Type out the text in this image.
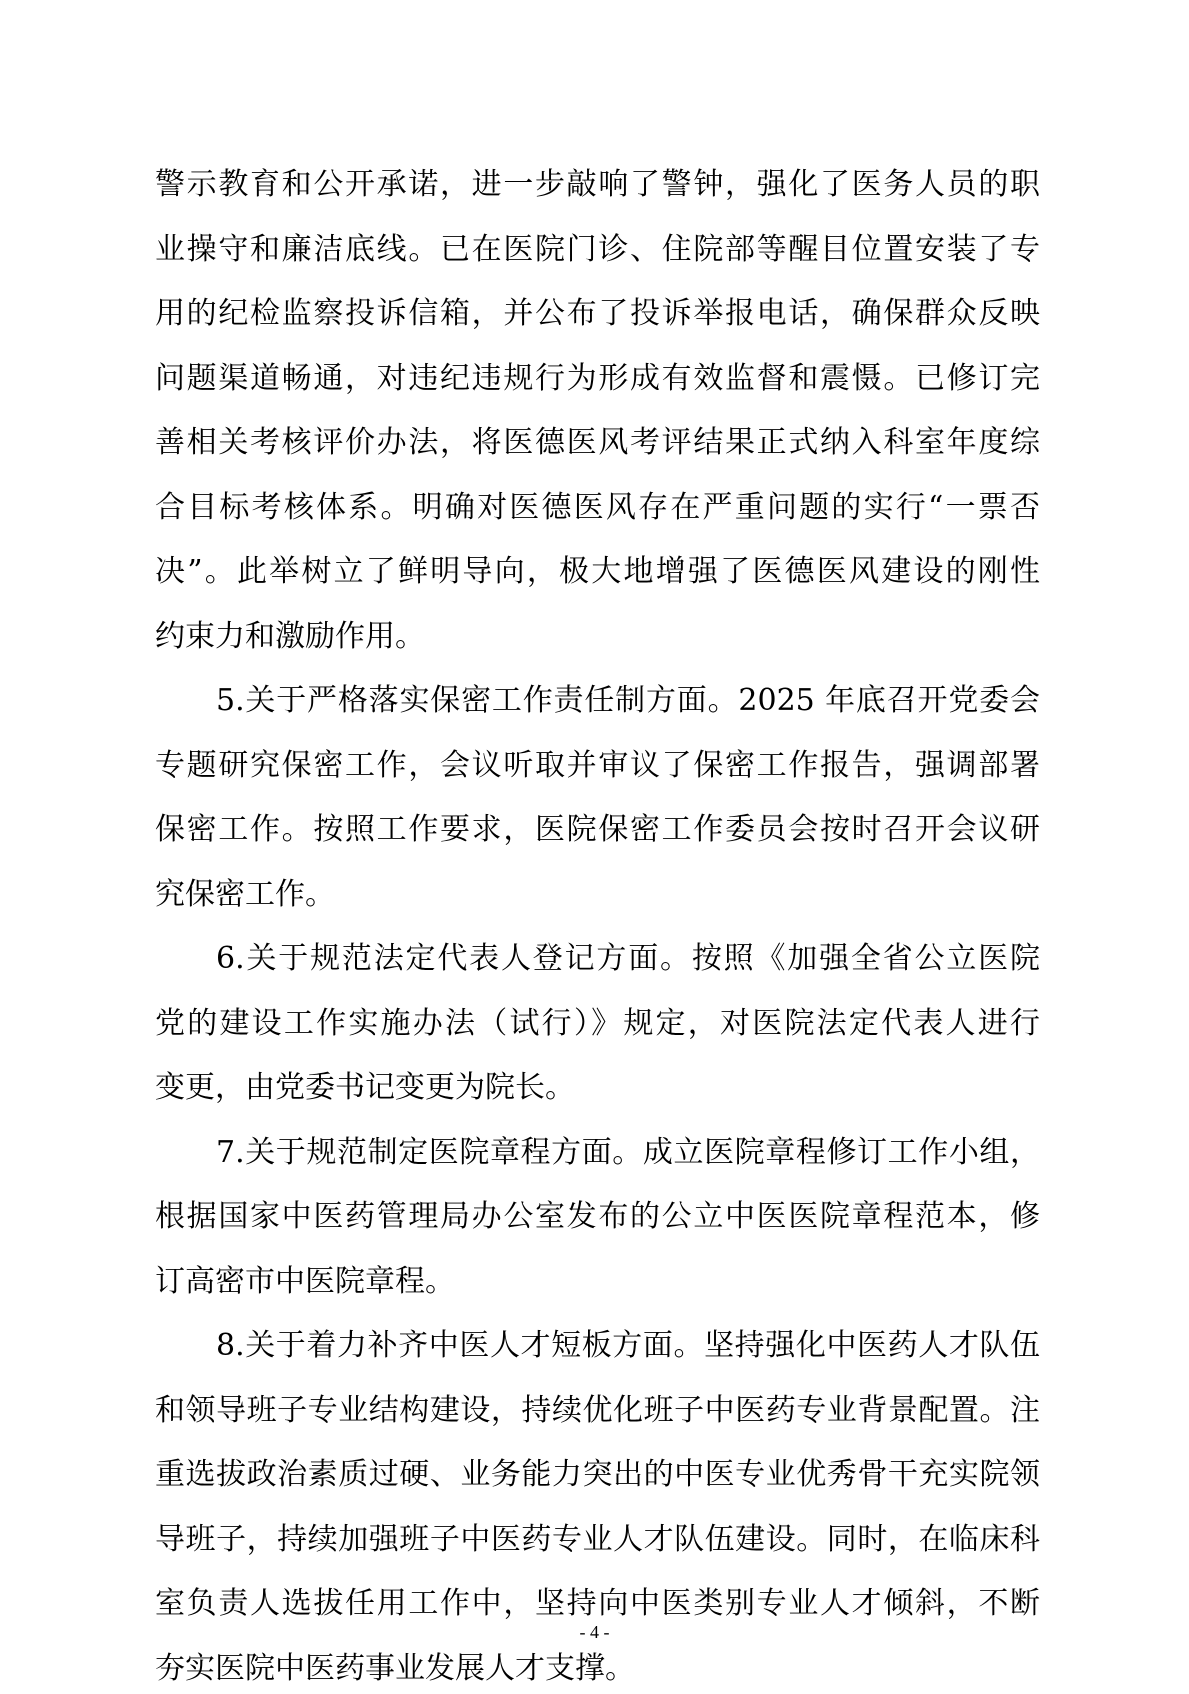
警示教育和公开承诺，进一步敲响了警钟，强化了医务人员的职
业操守和廉洁底线。已在医院门诊、住院部等醒目位置安装了专
用的纪检监察投诉信箱，并公布了投诉举报电话，确保群众反映
问题渠道畅通，对违纪违规行为形成有效监督和震慑。已修订完
善相关考核评价办法，将医德医风考评结果正式纳入科室年度综
合目标考核体系。明确对医德医风存在严重问题的实行“一票否
决”。此举树立了鲜明导向，极大地增强了医德医风建设的刚性
约束力和激励作用。
5.关于严格落实保密工作责任制方面。2025 年底召开党委会
专题研究保密工作，会议听取并审议了保密工作报告，强调部署
保密工作。按照工作要求，医院保密工作委员会按时召开会议研
究保密工作。
6.关于规范法定代表人登记方面。按照《加强全省公立医院
党的建设工作实施办法（试行）》规定，对医院法定代表人进行
变更，由党委书记变更为院长。
7.关于规范制定医院章程方面。成立医院章程修订工作小组，
根据国家中医药管理局办公室发布的公立中医医院章程范本，修
订高密市中医院章程。
8.关于着力补齐中医人才短板方面。坚持强化中医药人才队伍
和领导班子专业结构建设，持续优化班子中医药专业背景配置。注
重选拔政治素质过硬、业务能力突出的中医专业优秀骨干充实院领
导班子，持续加强班子中医药专业人才队伍建设。同时，在临床科
室负责人选拔任用工作中，坚持向中医类别专业人才倾斜，不断
夯实医院中医药事业发展人才支撑。
- 4 -
